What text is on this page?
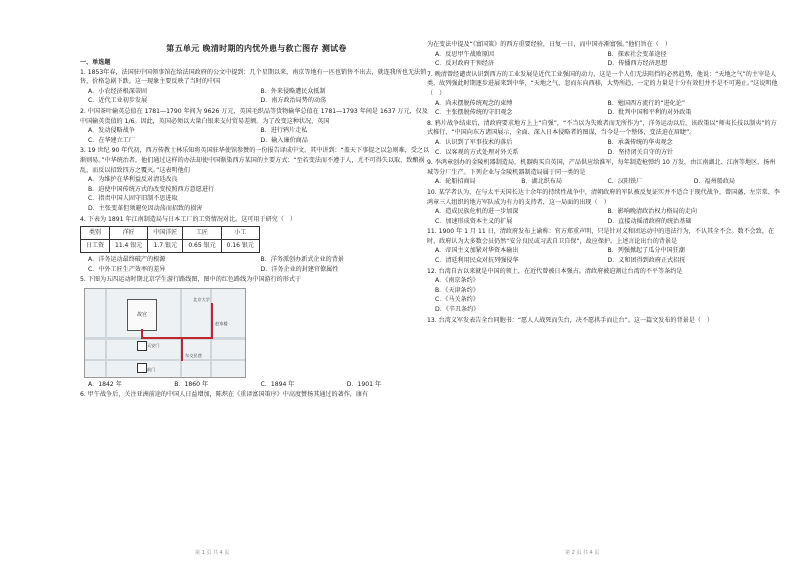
第五单元 晚清时期的内忧外患与救亡图存 测试卷
一、单选题

1. 1853年春，法国驻中国领事馆在给法国政府的公文中提到：几个星期以来，南京等地有一匹也销售不出去，就连我所也无法销售，价格急剧下跌。这一现象主要反映了当时的中国

A．小农经济根深蒂固	B．外来侵略遭民众抵制
C．近代工业初步发展	D．南方政治局势的动荡

2. 中国茶叶输英总值在 1781—1790 年间为 9626 万元，英国毛织品等货物输华总值在 1781—1793 年间是 1637 万元，仅及中国输英货值的 1/6。因此，英国必须以大量白银来支付贸易差额。为了改变这种状况，英国

A．发动侵略战争	B．进行鸦片走私
C．在华建立工厂	D．输入廉价商品

3. 19 世纪 90 年代初，西方传教士林乐知将英国驻华使馆参赞的一份报告译成中文，其中讲到：“盖天下事提之以急则难，受之以渐则易。”中华统治者，他们通过这样的办法却使中国渐染西方某国的主要方式：“至若变法而不遵于人，尤不可得失以取，致酿祸乱，而反以招致四方之覆灭。”这表明他们

A．为维护在华利益反对清廷改良
B．迫使中国传统方式的改变按照西方意愿进行
C．指责中国人固守旧制不思进取
D．主张变革但须避免因动荡而招致的损害

4. 下表为 1891 年江南制造局与日本工厂的工资情况对比。这可用于研究（　）

类别	洋匠	中国洋匠	工匠	小工
日工资	11.4 银元	1.7 银元	0.65 银元	0.16 银元
A．洋务运动最终破产的根源	B．洋务派创办新式企业的背景
C．中外工匠生产效率的差异	D．洋务企业的封建官僚属性

5. 下图为五四运动时期北京学生游行路线图，图中的红色路线为中国游行的形式于

故宫
北京大学
天安门
东交民巷
赵家楼
前门
A．1842 年	B．1860 年	C．1894 年	D．1901 年

6. 甲午战争后，关注亚洲前途的中国人日益增加，陈炽在《重译富国策序》中高度赞扬其通过的著作，康有

为在变法中提及“《富国策》的西方重要经验，日复一日，而中国亦渐富强。”他们旨在（　）

A．反思甲午战败原因	B．探索社会变革途径
C．反对政府干预经济	D．传播西方经济思想

7. 晚清曾经谴责认识到西方的工业发展是近代工业强国的动力，这是一个人们无法阻挡的必然趋势，他说：“天地之气”的主宰是人类，故列强此时期逐步进展来到中华，“天地之气，忽而东向西移，大势所趋，一定的力量是十分有效但并不是不可遏止。”这说明他（　）

A．尚未摆脱传统观念的束缚	B．勉国西方流行的“进化论”
C．主张摆脱传统的守旧观念	D．批判中国和平利的对外政策

8. 鸦片战争结束后，清政府要求地方上上“自强”，“不当以为失败者而无所作为”，洋务运动以后，该政策以“师夷长技以制夷”的方式推行，“中国向东方诸国展示，全面、深入日本侵略者的图谋，当今是一个整体，变法迫在眉睫”。

A．认识到了军事技术的落后	B．承袭传统的华夷观念
C．以客观的方式处理对外关系	D．坚持闭关自守的方针

9. 李鸿章创办的金陵机器制造局，机器购买自英国，产品供应给淮军，每年制造枪弹约 10 万发，由江南湖北、江南等地区，扬州城等分厂生产。下列企业与金陵机器制造局属于同一类的是

A．轮船招商局	B．湖北织布局	C．汉阳铁厂	D．福州船政局

10. 某学者认为，在与太平天国长达十余年的持续性战争中，清朝政府的军队被反复证实并不适合于现代战争，曾国藩、左宗棠、李鸿章三人组织的地方军队成为有力的支持者，这一局面的出现（　）

A．造成民族危机的进一步加深	B．影响晚清政治权力格局的走向
C．加速形成资本主义的扩展	D．直接动摇清政府的统治基础

11. 1900 年 1 月 11 日，清政府发布上谕称：官方郑重声明，只是针对义和团运动中的违法行为，不认其全不会。数不会致，在时，政府认为大多数会员仍然“安分良民或习武自卫自保”，故应保护。上述言论出台的背景是

A．帝国主义加紧对华资本输出	B．列强掀起了瓜分中国狂潮
C．清廷利用民众对抗列强侵华	D．义和团得到政府正式招抚

12. 台湾自古以来就是中国的领土，在近代曾被日本强占。清政府被迫割让台湾的不平等条约是

A．《南京条约》
B．《天津条约》
C．《马关条约》
D．《辛丑条约》

13. 台湾义军发表告全台同胞书：“愿人人战死而失台，决不愿拱手而让台”。这一篇文发布的背景是（　）

第 1 页 共 4 页	第 2 页 共 4 页
